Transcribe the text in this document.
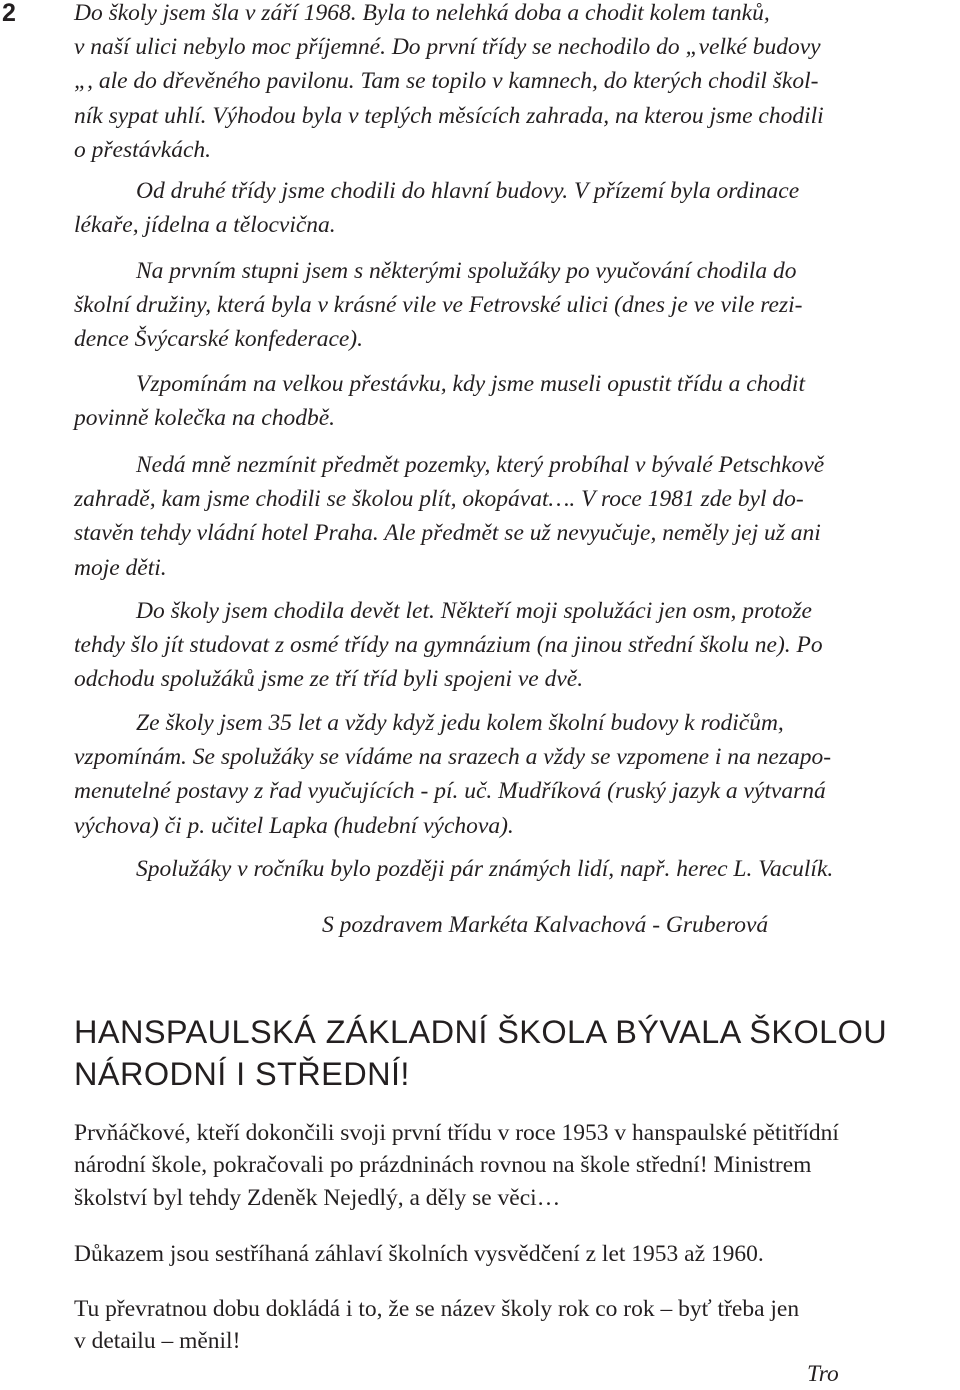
2 Do školy jsem šla v září 1968. Byla to nelehká doba a chodit kolem tanků,
v naší ulici nebylo moc příjemné. Do první třídy se nechodilo do „velké budovy
„, ale do dřevěného pavilonu. Tam se topilo v kamnech, do kterých chodil škol-
ník sypat uhlí. Výhodou byla v teplých měsících zahrada, na kterou jsme chodili
o přestávkách.

Od druhé třídy jsme chodili do hlavní budovy. V přízemí byla ordinace
lékaře, jídelna a tělocvična.

Na prvním stupni jsem s některými spolužáky po vyučování chodila do
školní družiny, která byla v krásné vile ve Fetrovské ulici (dnes je ve vile rezi-
dence Švýcarské konfederace).

Vzpomínám na velkou přestávku, kdy jsme museli opustit třídu a chodit
povinně kolečka na chodbě.

Nedá mně nezmínit předmět pozemky, který probíhal v bývalé Petschkově
zahradě, kam jsme chodili se školou plít, okopávat…. V roce 1981 zde byl do-
stavěn tehdy vládní hotel Praha. Ale předmět se už nevyučuje, neměly jej už ani
moje děti.

Do školy jsem chodila devět let. Někteří moji spolužáci jen osm, protože
tehdy šlo jít studovat z osmé třídy na gymnázium (na jinou střední školu ne). Po
odchodu spolužáků jsme ze tří tříd byli spojeni ve dvě.

Ze školy jsem 35 let a vždy když jedu kolem školní budovy k rodičům,
vzpomínám. Se spolužáky se vídáme na srazech a vždy se vzpomene i na nezapo-
menutelné postavy z řad vyučujících - pí. uč. Mudříková (ruský jazyk a výtvarná
výchova) či p. učitel Lapka (hudební výchova).

Spolužáky v ročníku bylo později pár známých lidí, např. herec L. Vaculík.

S pozdravem Markéta Kalvachová - Gruberová

HANSPAULSKÁ ZÁKLADNÍ ŠKOLA BÝVALA ŠKOLOU
NÁRODNÍ I STŘEDNÍ!

Prvňáčkové, kteří dokončili svoji první třídu v roce 1953 v hanspaulské pětitřídní
národní škole, pokračovali po prázdninách rovnou na škole střední! Ministrem
školství byl tehdy Zdeněk Nejedlý, a děly se věci…

Důkazem jsou sestříhaná záhlaví školních vysvědčení z let 1953 až 1960.

Tu převratnou dobu dokládá i to, že se název školy rok co rok – byť třeba jen
v detailu – měnil!

Tro
